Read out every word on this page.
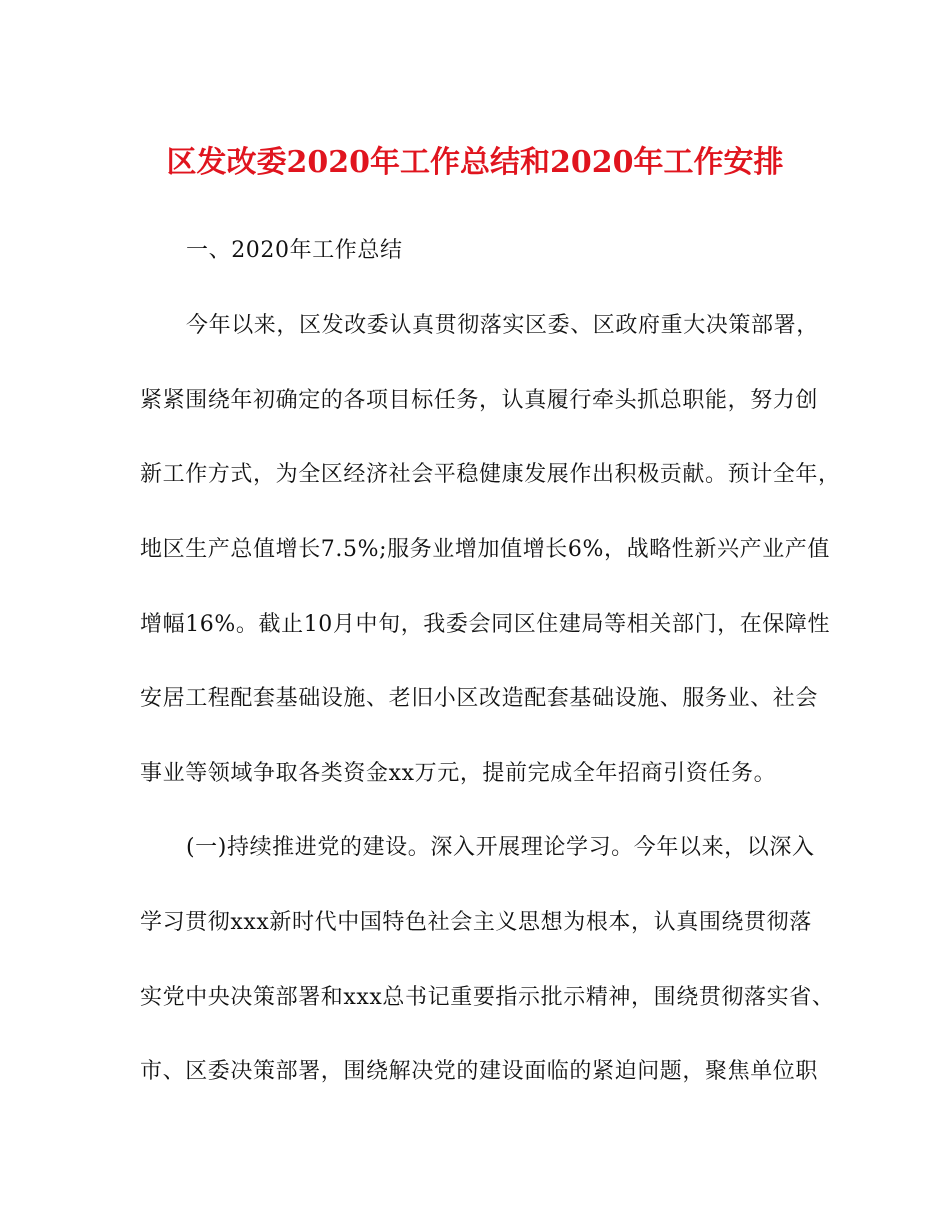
区发改委2020年工作总结和2020年工作安排
一、2020年工作总结
今年以来，区发改委认真贯彻落实区委、区政府重大决策部署，
紧紧围绕年初确定的各项目标任务，认真履行牵头抓总职能，努力创
新工作方式，为全区经济社会平稳健康发展作出积极贡献。预计全年，
地区生产总值增长7.5%;服务业增加值增长6%，战略性新兴产业产值
增幅16%。截止10月中旬，我委会同区住建局等相关部门，在保障性
安居工程配套基础设施、老旧小区改造配套基础设施、服务业、社会
事业等领域争取各类资金xx万元，提前完成全年招商引资任务。
(一)持续推进党的建设。深入开展理论学习。今年以来，以深入
学习贯彻xxx新时代中国特色社会主义思想为根本，认真围绕贯彻落
实党中央决策部署和xxx总书记重要指示批示精神，围绕贯彻落实省、
市、区委决策部署，围绕解决党的建设面临的紧迫问题，聚焦单位职
